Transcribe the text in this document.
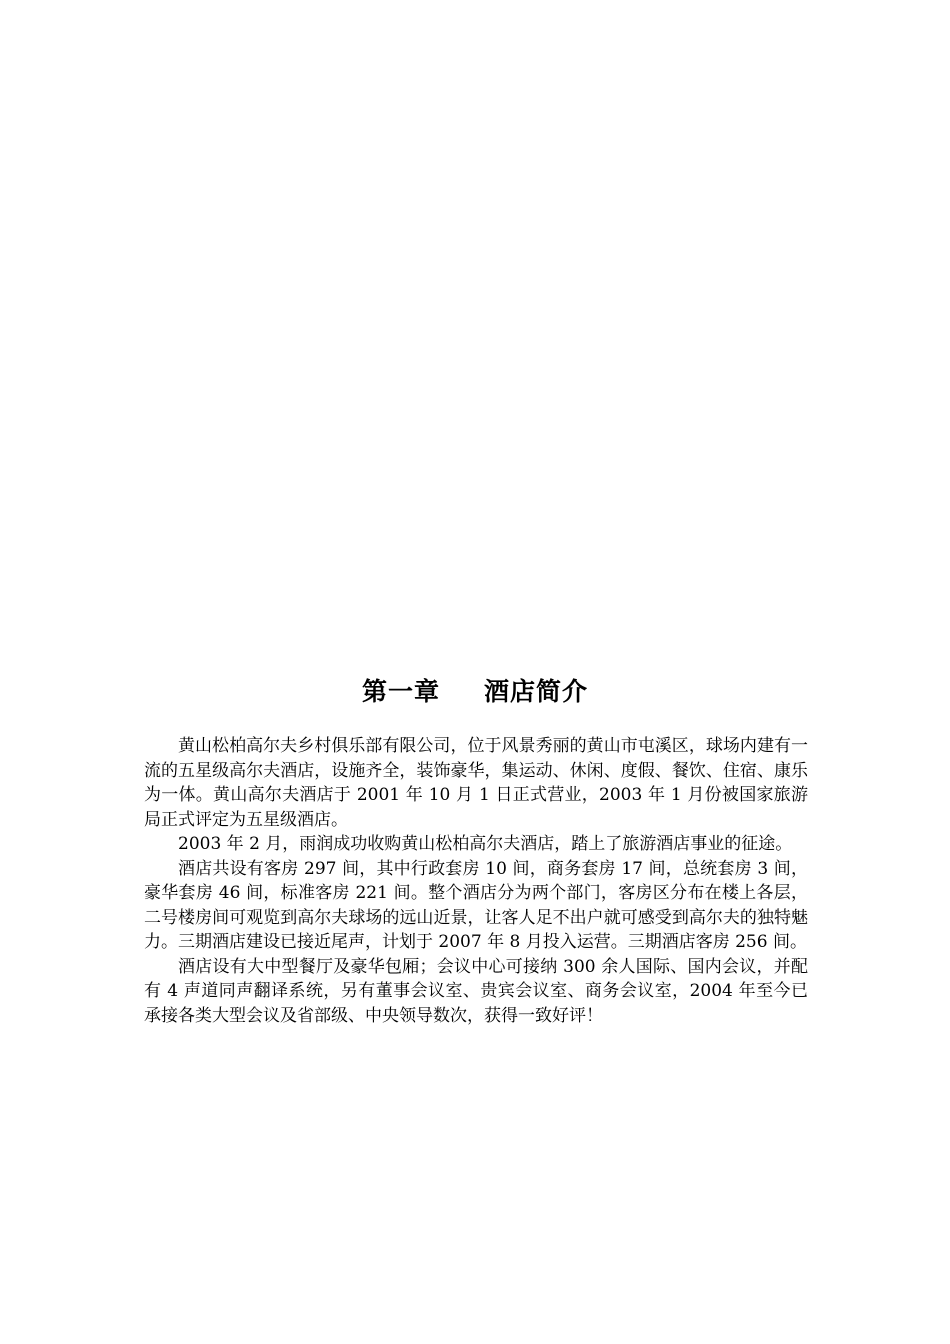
第一章 酒店简介

黄山松柏高尔夫乡村俱乐部有限公司，位于风景秀丽的黄山市屯溪区，球场内建有一流的五星级高尔夫酒店，设施齐全，装饰豪华，集运动、休闲、度假、餐饮、住宿、康乐为一体。黄山高尔夫酒店于 2001 年 10 月 1 日正式营业，2003 年 1 月份被国家旅游局正式评定为五星级酒店。

2003 年 2 月，雨润成功收购黄山松柏高尔夫酒店，踏上了旅游酒店事业的征途。

酒店共设有客房 297 间，其中行政套房 10 间，商务套房 17 间，总统套房 3 间，豪华套房 46 间，标准客房 221 间。整个酒店分为两个部门，客房区分布在楼上各层，二号楼房间可观览到高尔夫球场的远山近景，让客人足不出户就可感受到高尔夫的独特魅力。三期酒店建设已接近尾声，计划于 2007 年 8 月投入运营。三期酒店客房 256 间。

酒店设有大中型餐厅及豪华包厢；会议中心可接纳 300 余人国际、国内会议，并配有 4 声道同声翻译系统，另有董事会议室、贵宾会议室、商务会议室，2004 年至今已承接各类大型会议及省部级、中央领导数次，获得一致好评！
